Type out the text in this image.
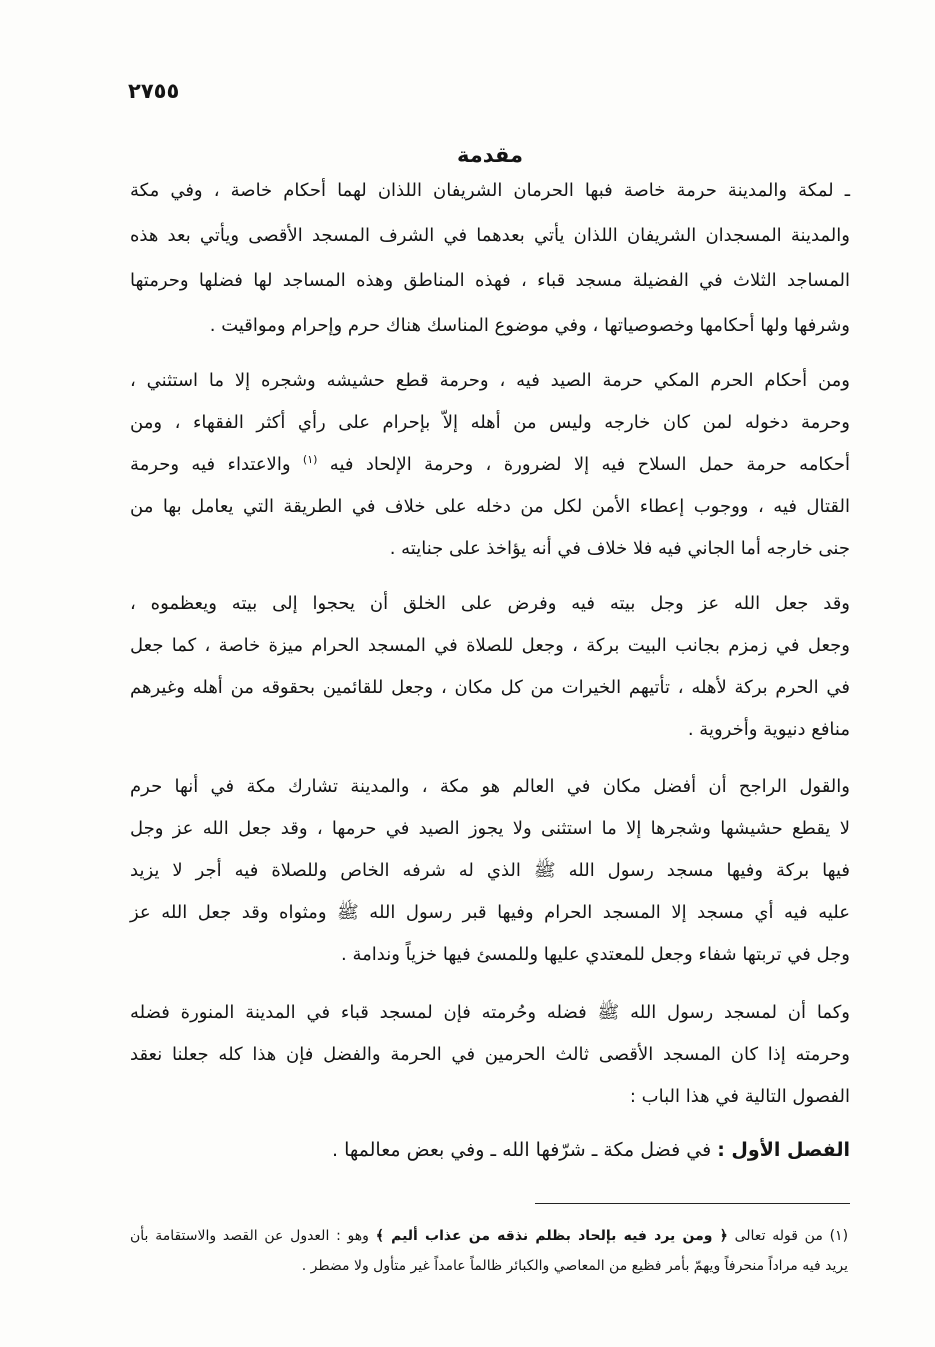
٢٧٥٥
مقدمة
ـ لمكة والمدينة حرمة خاصة فبها الحرمان الشريفان اللذان لهما أحكام خاصة ، وفي مكة
والمدينة المسجدان الشريفان اللذان يأتي بعدهما في الشرف المسجد الأقصى ويأتي بعد هذه
المساجد الثلاث في الفضيلة مسجد قباء ، فهذه المناطق وهذه المساجد لها فضلها وحرمتها
وشرفها ولها أحكامها وخصوصياتها ، وفي موضوع المناسك هناك حرم وإحرام ومواقيت .
ومن أحكام الحرم المكي حرمة الصيد فيه ، وحرمة قطع حشيشه وشجره إلا ما استثني ،
وحرمة دخوله لمن كان خارجه وليس من أهله إلاّ بإحرام على رأي أكثر الفقهاء ، ومن
أحكامه حرمة حمل السلاح فيه إلا لضرورة ، وحرمة الإلحاد فيه $^{(١)}$ والاعتداء فيه وحرمة
القتال فيه ، ووجوب إعطاء الأمن لكل من دخله على خلاف في الطريقة التي يعامل بها من
جنى خارجه أما الجاني فيه فلا خلاف في أنه يؤاخذ على جنايته .
وقد جعل الله عز وجل بيته فيه وفرض على الخلق أن يحجوا إلى بيته ويعظموه ،
وجعل في زمزم بجانب البيت بركة ، وجعل للصلاة في المسجد الحرام ميزة خاصة ، كما جعل
في الحرم بركة لأهله ، تأتيهم الخيرات من كل مكان ، وجعل للقائمين بحقوقه من أهله وغيرهم
منافع دنيوية وأخروية .
والقول الراجح أن أفضل مكان في العالم هو مكة ، والمدينة تشارك مكة في أنها حرم
لا يقطع حشيشها وشجرها إلا ما استثنى ولا يجوز الصيد في حرمها ، وقد جعل الله عز وجل
فيها بركة وفيها مسجد رسول الله ﷺ الذي له شرفه الخاص وللصلاة فيه أجر لا يزيد
عليه فيه أي مسجد إلا المسجد الحرام وفيها قبر رسول الله ﷺ ومثواه وقد جعل الله عز
وجل في تربتها شفاء وجعل للمعتدي عليها وللمسئ فيها خزياً وندامة .
وكما أن لمسجد رسول الله ﷺ فضله وحُرمته فإن لمسجد قباء في المدينة المنورة فضله
وحرمته إذا كان المسجد الأقصى ثالث الحرمين في الحرمة والفضل فإن هذا كله جعلنا نعقد
الفصول التالية في هذا الباب :
الفصل الأول : في فضل مكة ـ شرّفها الله ـ وفي بعض معالمها .
(١) من قوله تعالى ﴿ ومن يرد فيه بإلحاد بظلم نذقه من عذاب أليم ﴾ وهو : العدول عن القصد والاستقامة بأن
يريد فيه مراداً منحرفاً ويهمّ بأمر فظيع من المعاصي والكبائر ظالماً عامداً غير متأول ولا مضطر .
